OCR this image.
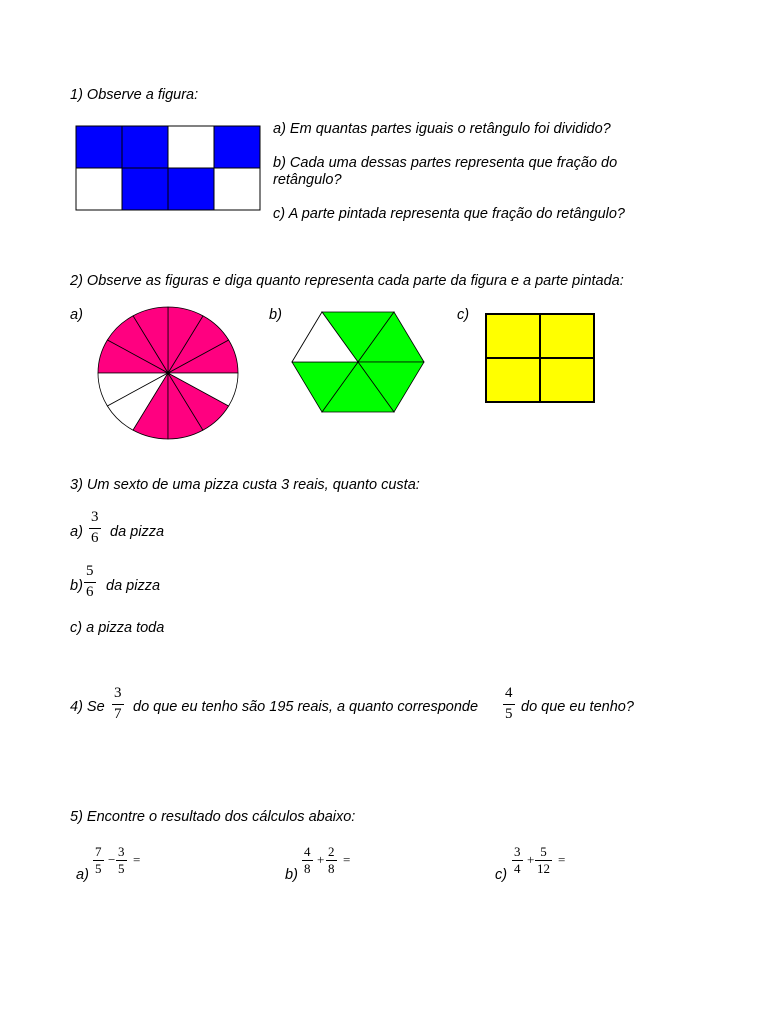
1) Observe a figura:
a) Em quantas partes iguais o retângulo foi dividido?
b) Cada uma dessas partes representa que fração do
retângulo?
c) A parte pintada representa que fração do retângulo?
2) Observe as figuras e diga quanto representa cada parte da figura e a parte pintada:
a)	b)	c)
3) Um sexto de uma pizza custa 3 reais, quanto custa:
a)
3
6 da pizza
b)
5
6 da pizza
c) a pizza toda
4) Se
3
7 do que eu tenho são 195 reais, a quanto corresponde
4
5 do que eu tenho?
5) Encontre o resultado dos cálculos abaixo:
a)
7
5
−
3
5
=
b)
4
8
+
2
8
=
c)
3
4
+
5
12
=
